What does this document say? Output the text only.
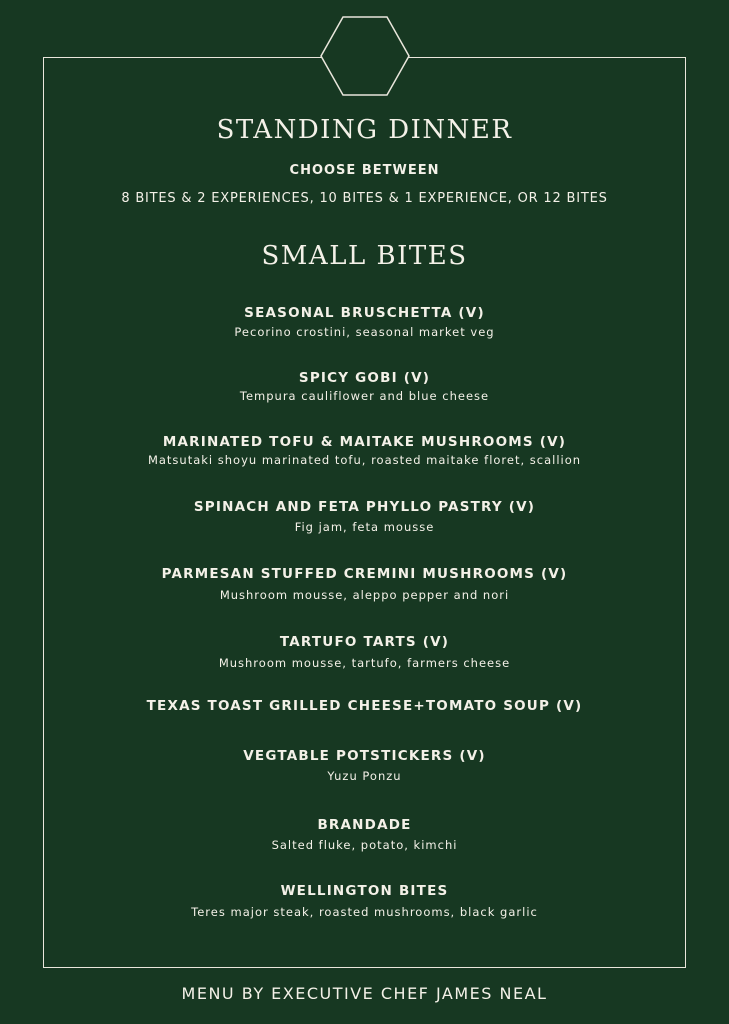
STANDING DINNER
CHOOSE BETWEEN
8 BITES & 2 EXPERIENCES, 10 BITES & 1 EXPERIENCE, OR 12 BITES
SMALL BITES
SEASONAL BRUSCHETTA (V)
Pecorino crostini, seasonal market veg
SPICY GOBI (V)
Tempura cauliflower and blue cheese
MARINATED TOFU & MAITAKE MUSHROOMS (V)
Matsutaki shoyu marinated tofu, roasted maitake floret, scallion
SPINACH AND FETA PHYLLO PASTRY (V)
Fig jam, feta mousse
PARMESAN STUFFED CREMINI MUSHROOMS (V)
Mushroom mousse, aleppo pepper and nori
TARTUFO TARTS (V)
Mushroom mousse, tartufo, farmers cheese
TEXAS TOAST GRILLED CHEESE+TOMATO SOUP (V)
VEGTABLE POTSTICKERS (V)
Yuzu Ponzu
BRANDADE
Salted fluke, potato, kimchi
WELLINGTON BITES
Teres major steak, roasted mushrooms, black garlic
MENU BY EXECUTIVE CHEF JAMES NEAL
